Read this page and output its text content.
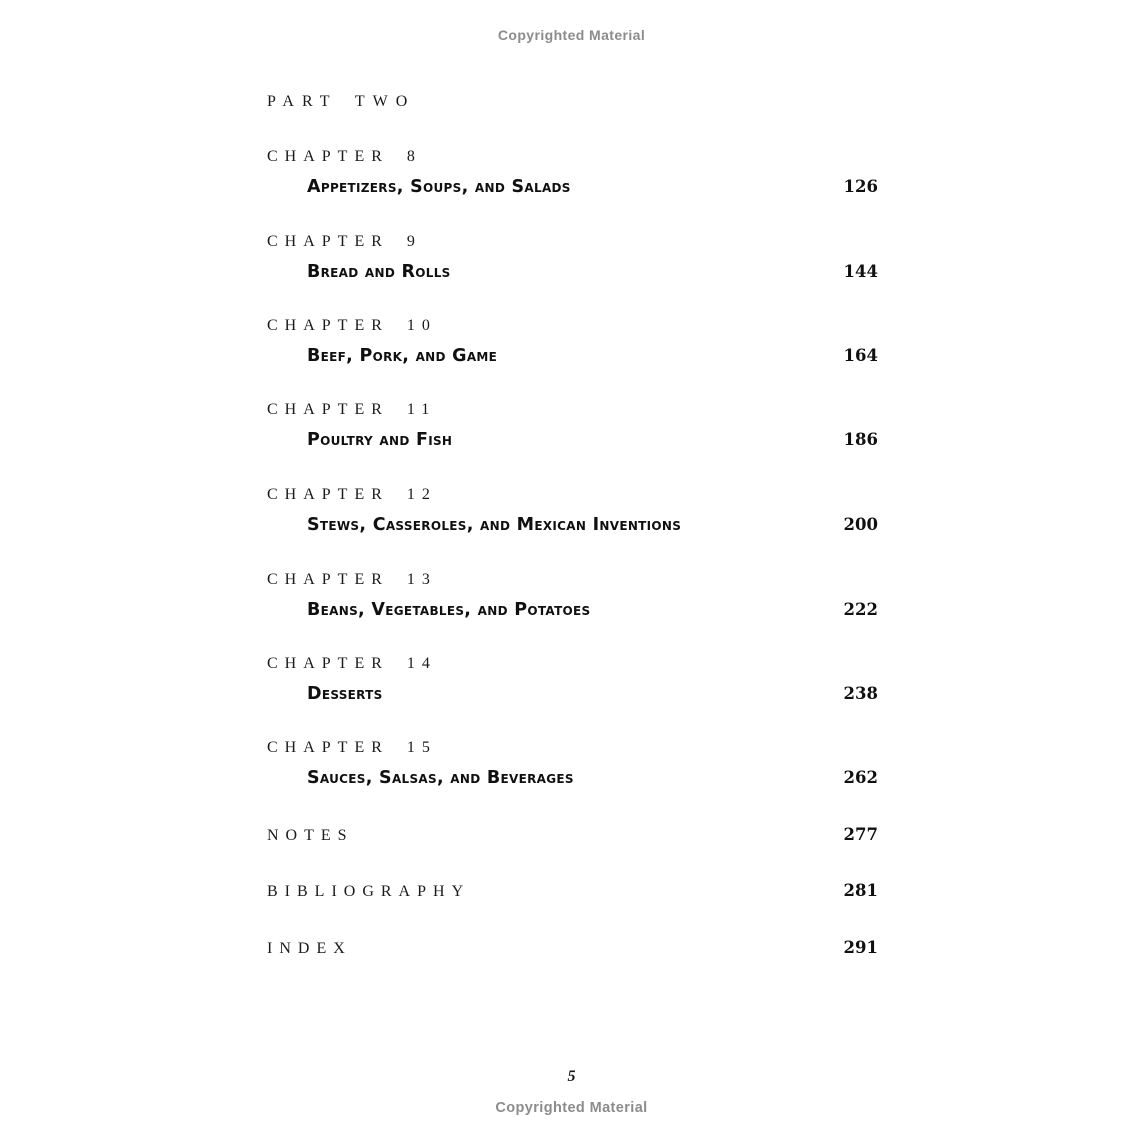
Copyrighted Material
PART TWO
CHAPTER 8
Appetizers, Soups, and Salads	126
CHAPTER 9
Bread and Rolls	144
CHAPTER 10
Beef, Pork, and Game	164
CHAPTER 11
Poultry and Fish	186
CHAPTER 12
Stews, Casseroles, and Mexican Inventions	200
CHAPTER 13
Beans, Vegetables, and Potatoes	222
CHAPTER 14
Desserts	238
CHAPTER 15
Sauces, Salsas, and Beverages	262
NOTES	277
BIBLIOGRAPHY	281
INDEX	291
5
Copyrighted Material
